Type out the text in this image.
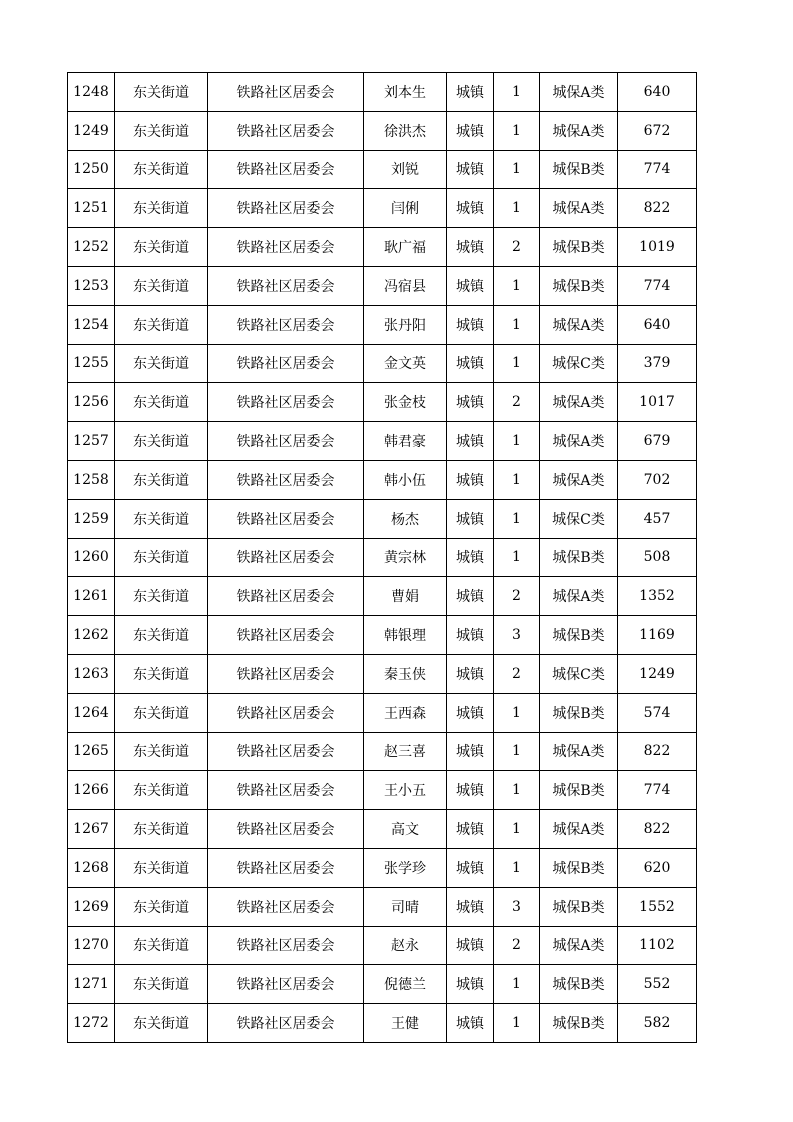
1248	东关街道	铁路社区居委会	刘本生	城镇	1	城保A类	640
1249	东关街道	铁路社区居委会	徐洪杰	城镇	1	城保A类	672
1250	东关街道	铁路社区居委会	刘锐	城镇	1	城保B类	774
1251	东关街道	铁路社区居委会	闫俐	城镇	1	城保A类	822
1252	东关街道	铁路社区居委会	耿广福	城镇	2	城保B类	1019
1253	东关街道	铁路社区居委会	冯宿县	城镇	1	城保B类	774
1254	东关街道	铁路社区居委会	张丹阳	城镇	1	城保A类	640
1255	东关街道	铁路社区居委会	金文英	城镇	1	城保C类	379
1256	东关街道	铁路社区居委会	张金枝	城镇	2	城保A类	1017
1257	东关街道	铁路社区居委会	韩君豪	城镇	1	城保A类	679
1258	东关街道	铁路社区居委会	韩小伍	城镇	1	城保A类	702
1259	东关街道	铁路社区居委会	杨杰	城镇	1	城保C类	457
1260	东关街道	铁路社区居委会	黄宗林	城镇	1	城保B类	508
1261	东关街道	铁路社区居委会	曹娟	城镇	2	城保A类	1352
1262	东关街道	铁路社区居委会	韩银理	城镇	3	城保B类	1169
1263	东关街道	铁路社区居委会	秦玉侠	城镇	2	城保C类	1249
1264	东关街道	铁路社区居委会	王西森	城镇	1	城保B类	574
1265	东关街道	铁路社区居委会	赵三喜	城镇	1	城保A类	822
1266	东关街道	铁路社区居委会	王小五	城镇	1	城保B类	774
1267	东关街道	铁路社区居委会	高文	城镇	1	城保A类	822
1268	东关街道	铁路社区居委会	张学珍	城镇	1	城保B类	620
1269	东关街道	铁路社区居委会	司晴	城镇	3	城保B类	1552
1270	东关街道	铁路社区居委会	赵永	城镇	2	城保A类	1102
1271	东关街道	铁路社区居委会	倪德兰	城镇	1	城保B类	552
1272	东关街道	铁路社区居委会	王健	城镇	1	城保B类	582
